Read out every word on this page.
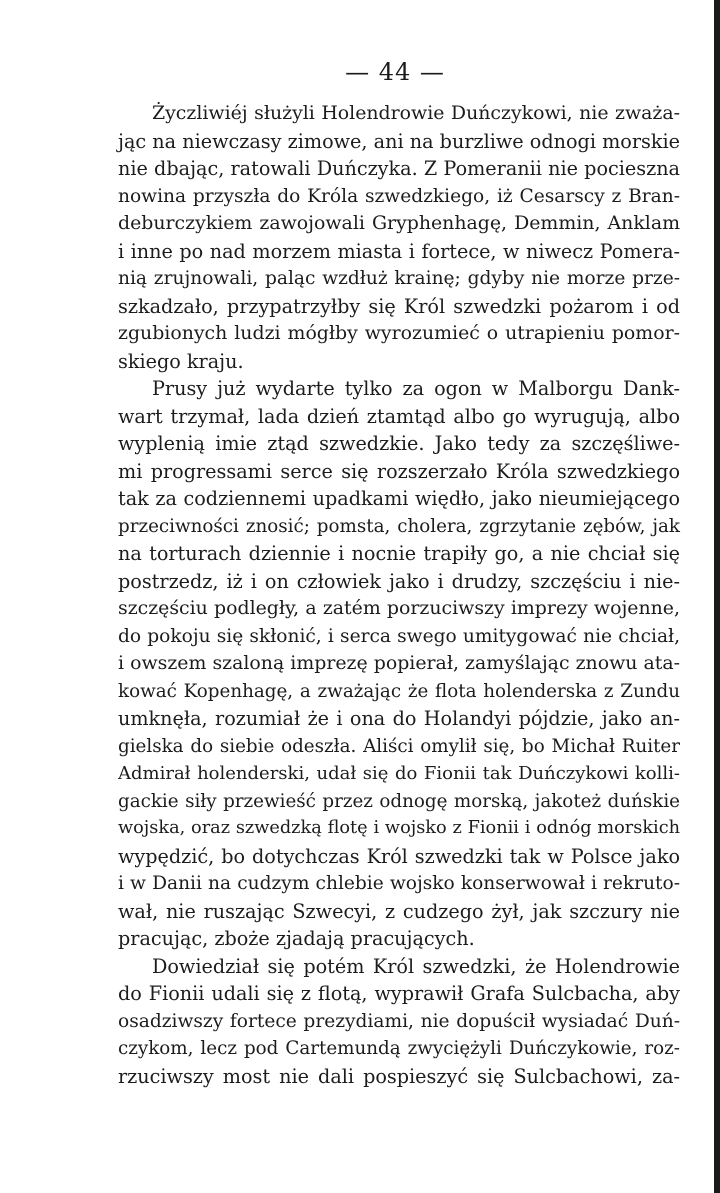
— 44 —
Życzliwiéj służyli Holendrowie Duńczykowi, nie zważa-
jąc na niewczasy zimowe, ani na burzliwe odnogi morskie
nie dbając, ratowali Duńczyka. Z Pomeranii nie pocieszna
nowina przyszła do Króla szwedzkiego, iż Cesarscy z Bran-
deburczykiem zawojowali Gryphenhagę, Demmin, Anklam
i inne po nad morzem miasta i fortece, w niwecz Pomera-
nią zrujnowali, paląc wzdłuż krainę; gdyby nie morze prze-
szkadzało, przypatrzyłby się Król szwedzki pożarom i od
zgubionych ludzi mógłby wyrozumieć o utrapieniu pomor-
skiego kraju.
Prusy już wydarte tylko za ogon w Malborgu Dank-
wart trzymał, lada dzień ztamtąd albo go wyrugują, albo
wyplenią imie ztąd szwedzkie. Jako tedy za szczęśliwe-
mi progressami serce się rozszerzało Króla szwedzkiego
tak za codziennemi upadkami więdło, jako nieumiejącego
przeciwności znosić; pomsta, cholera, zgrzytanie zębów, jak
na torturach dziennie i nocnie trapiły go, a nie chciał się
postrzedz, iż i on człowiek jako i drudzy, szczęściu i nie-
szczęściu podległy, a zatém porzuciwszy imprezy wojenne,
do pokoju się skłonić, i serca swego umitygować nie chciał,
i owszem szaloną imprezę popierał, zamyślając znowu ata-
kować Kopenhagę, a zważając że flota holenderska z Zundu
umknęła, rozumiał że i ona do Holandyi pójdzie, jako an-
gielska do siebie odeszła. Aliści omylił się, bo Michał Ruiter
Admirał holenderski, udał się do Fionii tak Duńczykowi kolli-
gackie siły przewieść przez odnogę morską, jakoteż duńskie
wojska, oraz szwedzką flotę i wojsko z Fionii i odnóg morskich
wypędzić, bo dotychczas Król szwedzki tak w Polsce jako
i w Danii na cudzym chlebie wojsko konserwował i rekruto-
wał, nie ruszając Szwecyi, z cudzego żył, jak szczury nie
pracując, zboże zjadają pracujących.
Dowiedział się potém Król szwedzki, że Holendrowie
do Fionii udali się z flotą, wyprawił Grafa Sulcbacha, aby
osadziwszy fortece prezydiami, nie dopuścił wysiadać Duń-
czykom, lecz pod Cartemundą zwyciężyli Duńczykowie, roz-
rzuciwszy most nie dali pospieszyć się Sulcbachowi, za-
